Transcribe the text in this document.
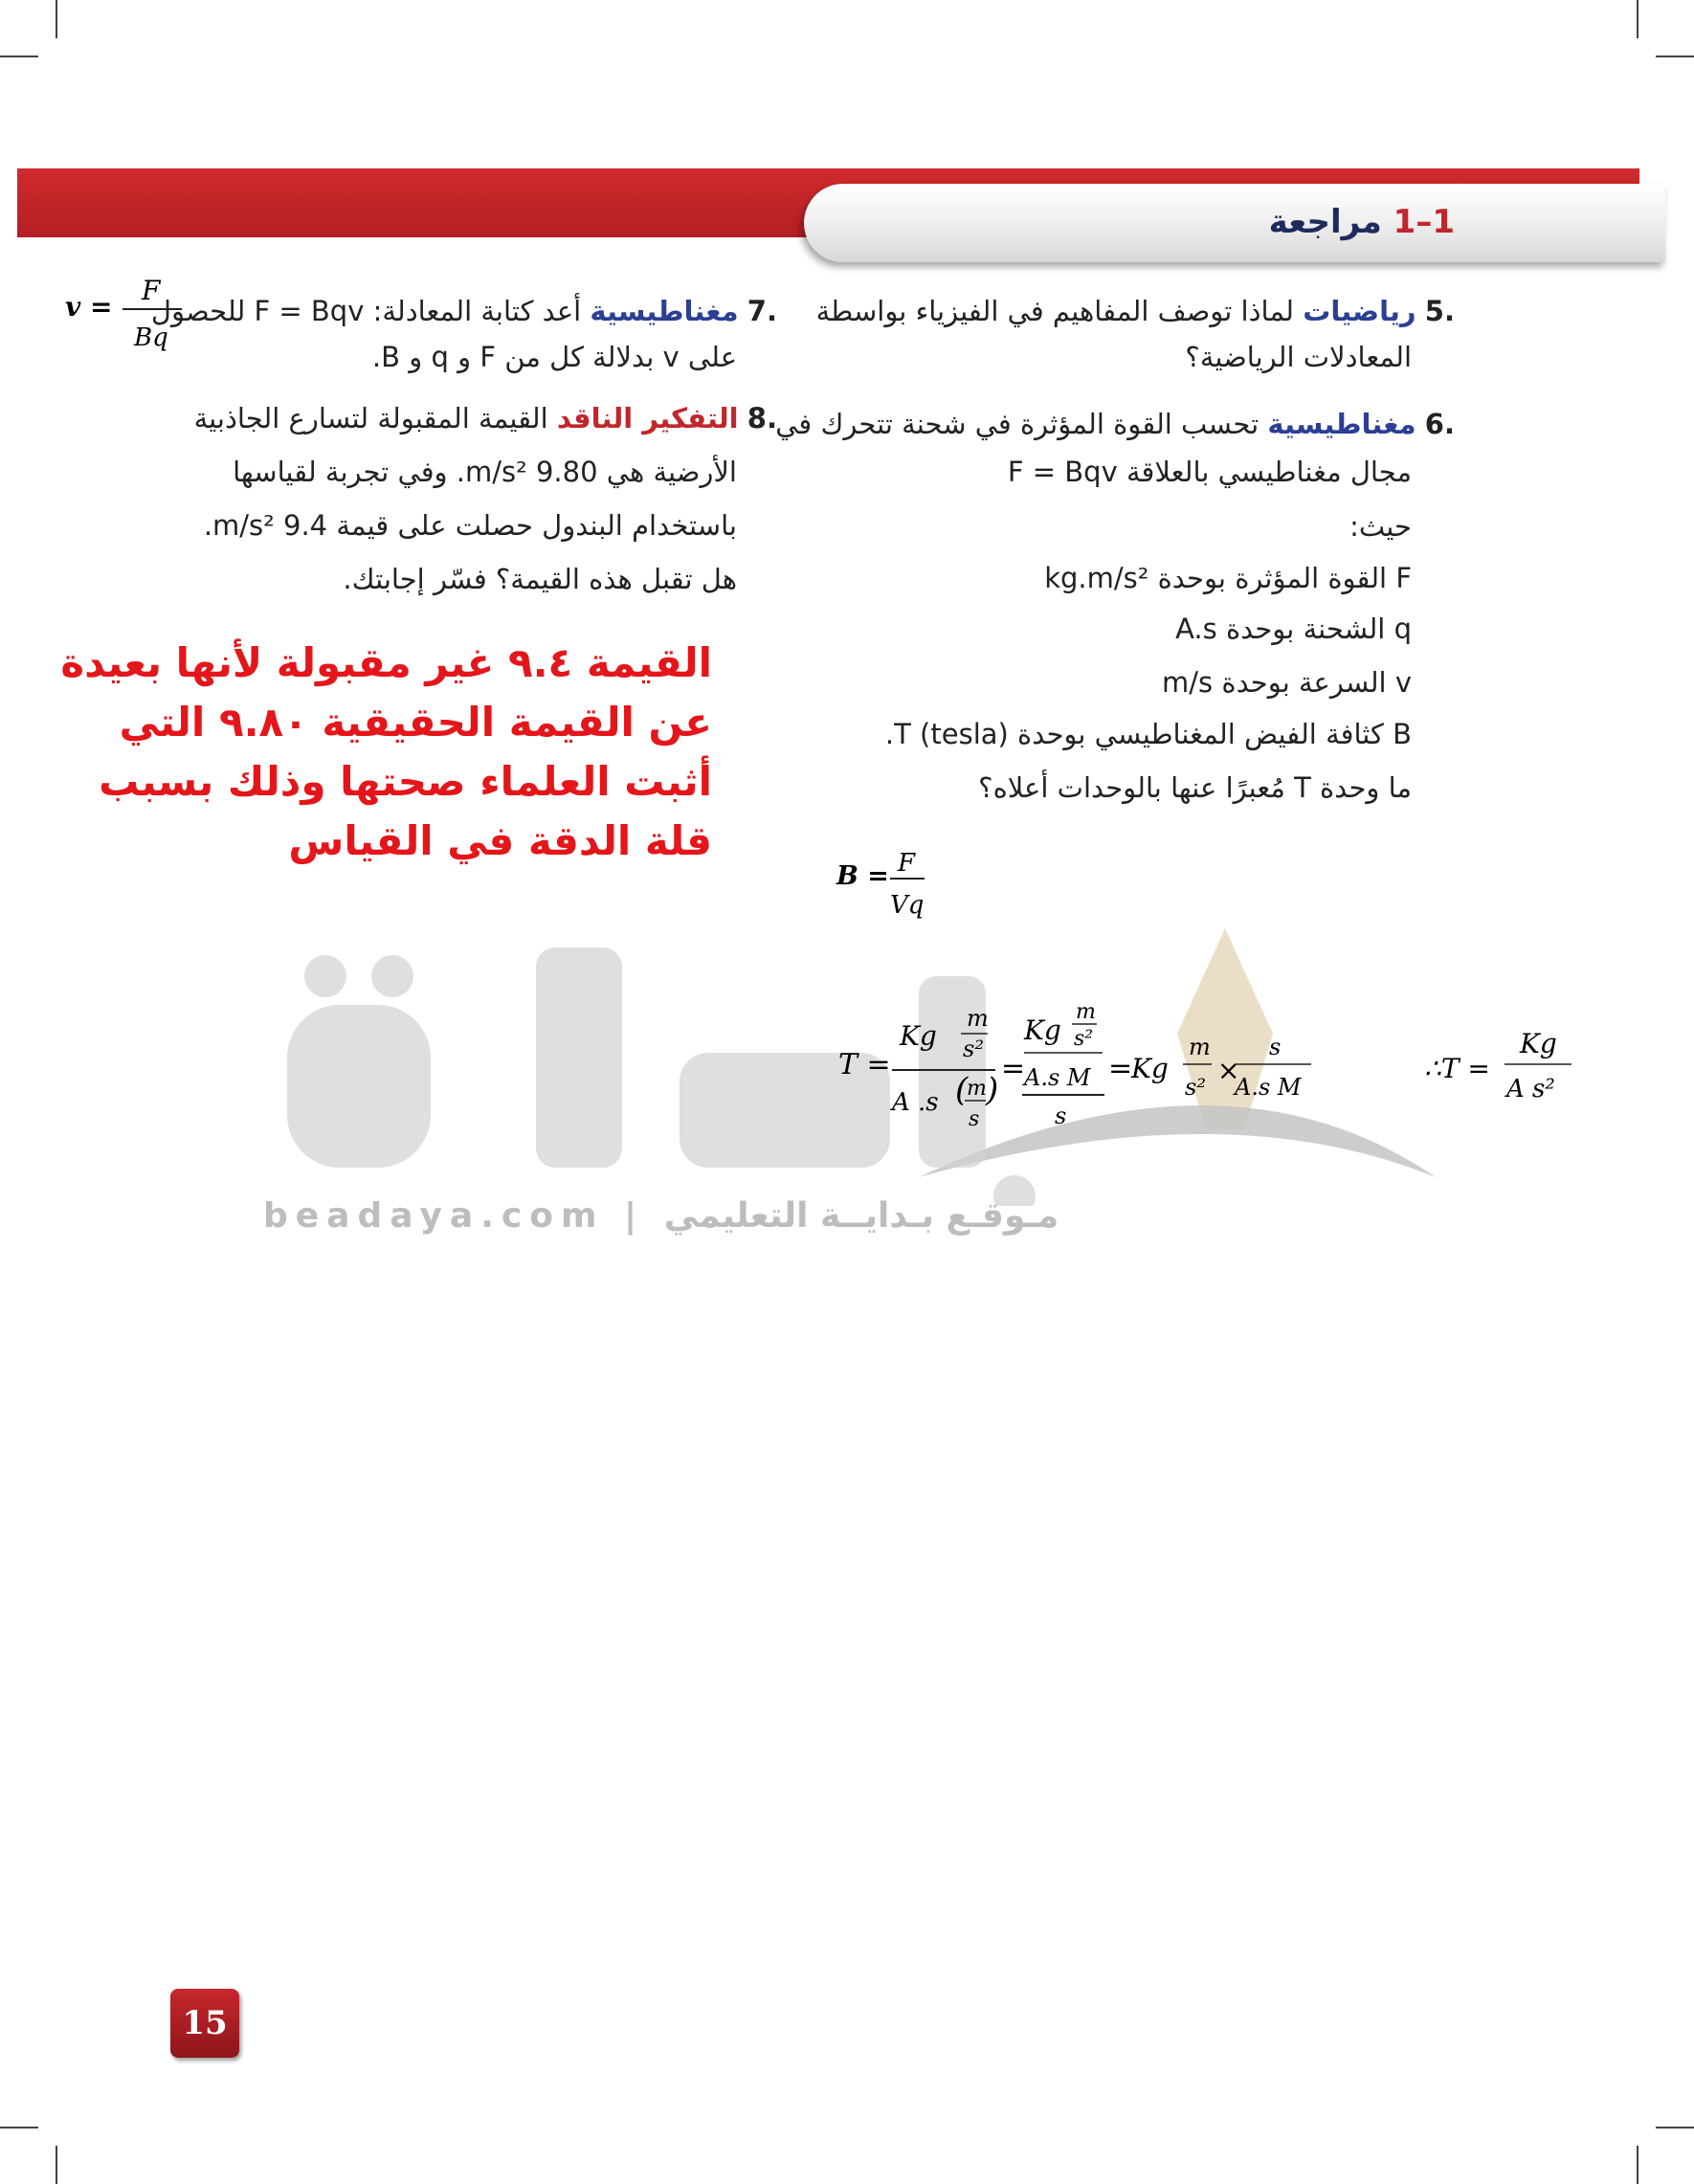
1–1 مراجعة
.5 رياضيات لماذا توصف المفاهيم في الفيزياء بواسطة
المعادلات الرياضية؟
.6 مغناطيسية تحسب القوة المؤثرة في شحنة تتحرك في
مجال مغناطيسي بالعلاقة F = Bqv
حيث:
F القوة المؤثرة بوحدة kg.m/s²
q الشحنة بوحدة A.s
v السرعة بوحدة m/s
B كثافة الفيض المغناطيسي بوحدة T (tesla).
ما وحدة T مُعبرًا عنها بالوحدات أعلاه؟
.7 مغناطيسية أعد كتابة المعادلة: F = Bqv للحصول
على v بدلالة كل من F و q و B.
.8 التفكير الناقد القيمة المقبولة لتسارع الجاذبية
الأرضية هي 9.80 m/s². وفي تجربة لقياسها
باستخدام البندول حصلت على قيمة 9.4 m/s².
هل تقبل هذه القيمة؟ فسّر إجابتك.
القيمة ٩.٤ غير مقبولة لأنها بعيدة عن القيمة الحقيقية ٩.٨٠ التي أثبت العلماء صحتها وذلك بسبب قلة الدقة في القياس
v =
F
Bq
B = F
Vq
beadaya.com | مـوقـع بـدايــة التعليمي
T =
Kg
m
s²
A .s (
m
s
)
=
Kg
m
s²
A.s M
s
=
Kg
m
s²
×
s
A.s M
∴T =
Kg
A s²
15
